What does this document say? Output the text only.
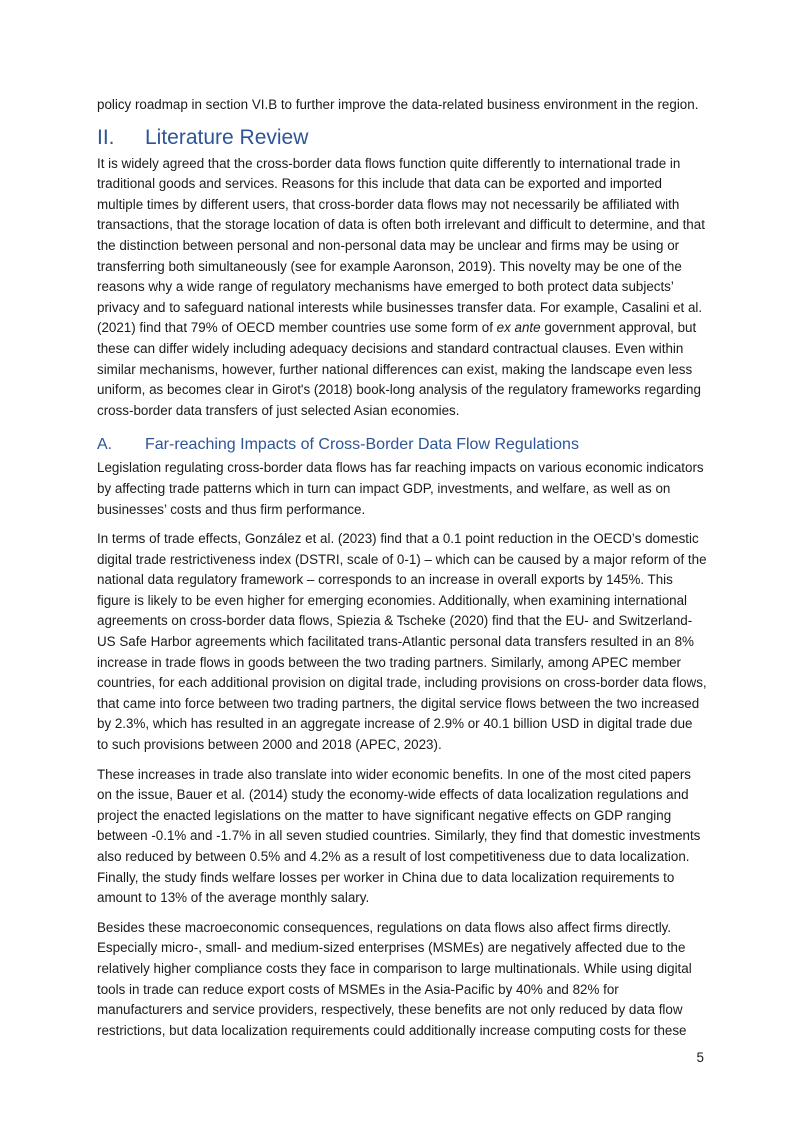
policy roadmap in section VI.B to further improve the data-related business environment in the region.

II.	Literature Review

It is widely agreed that the cross-border data flows function quite differently to international trade in traditional goods and services. Reasons for this include that data can be exported and imported multiple times by different users, that cross-border data flows may not necessarily be affiliated with transactions, that the storage location of data is often both irrelevant and difficult to determine, and that the distinction between personal and non-personal data may be unclear and firms may be using or transferring both simultaneously (see for example Aaronson, 2019). This novelty may be one of the reasons why a wide range of regulatory mechanisms have emerged to both protect data subjects’ privacy and to safeguard national interests while businesses transfer data. For example, Casalini et al. (2021) find that 79% of OECD member countries use some form of ex ante government approval, but these can differ widely including adequacy decisions and standard contractual clauses. Even within similar mechanisms, however, further national differences can exist, making the landscape even less uniform, as becomes clear in Girot's (2018) book-long analysis of the regulatory frameworks regarding cross-border data transfers of just selected Asian economies.

A.	Far-reaching Impacts of Cross-Border Data Flow Regulations

Legislation regulating cross-border data flows has far reaching impacts on various economic indicators by affecting trade patterns which in turn can impact GDP, investments, and welfare, as well as on businesses’ costs and thus firm performance.

In terms of trade effects, González et al. (2023) find that a 0.1 point reduction in the OECD’s domestic digital trade restrictiveness index (DSTRI, scale of 0-1) – which can be caused by a major reform of the national data regulatory framework – corresponds to an increase in overall exports by 145%. This figure is likely to be even higher for emerging economies. Additionally, when examining international agreements on cross-border data flows, Spiezia & Tscheke (2020) find that the EU- and Switzerland-US Safe Harbor agreements which facilitated trans-Atlantic personal data transfers resulted in an 8% increase in trade flows in goods between the two trading partners. Similarly, among APEC member countries, for each additional provision on digital trade, including provisions on cross-border data flows, that came into force between two trading partners, the digital service flows between the two increased by 2.3%, which has resulted in an aggregate increase of 2.9% or 40.1 billion USD in digital trade due to such provisions between 2000 and 2018 (APEC, 2023).

These increases in trade also translate into wider economic benefits. In one of the most cited papers on the issue, Bauer et al. (2014) study the economy-wide effects of data localization regulations and project the enacted legislations on the matter to have significant negative effects on GDP ranging between -0.1% and -1.7% in all seven studied countries. Similarly, they find that domestic investments also reduced by between 0.5% and 4.2% as a result of lost competitiveness due to data localization. Finally, the study finds welfare losses per worker in China due to data localization requirements to amount to 13% of the average monthly salary.

Besides these macroeconomic consequences, regulations on data flows also affect firms directly. Especially micro-, small- and medium-sized enterprises (MSMEs) are negatively affected due to the relatively higher compliance costs they face in comparison to large multinationals. While using digital tools in trade can reduce export costs of MSMEs in the Asia-Pacific by 40% and 82% for manufacturers and service providers, respectively, these benefits are not only reduced by data flow restrictions, but data localization requirements could additionally increase computing costs for these

5
